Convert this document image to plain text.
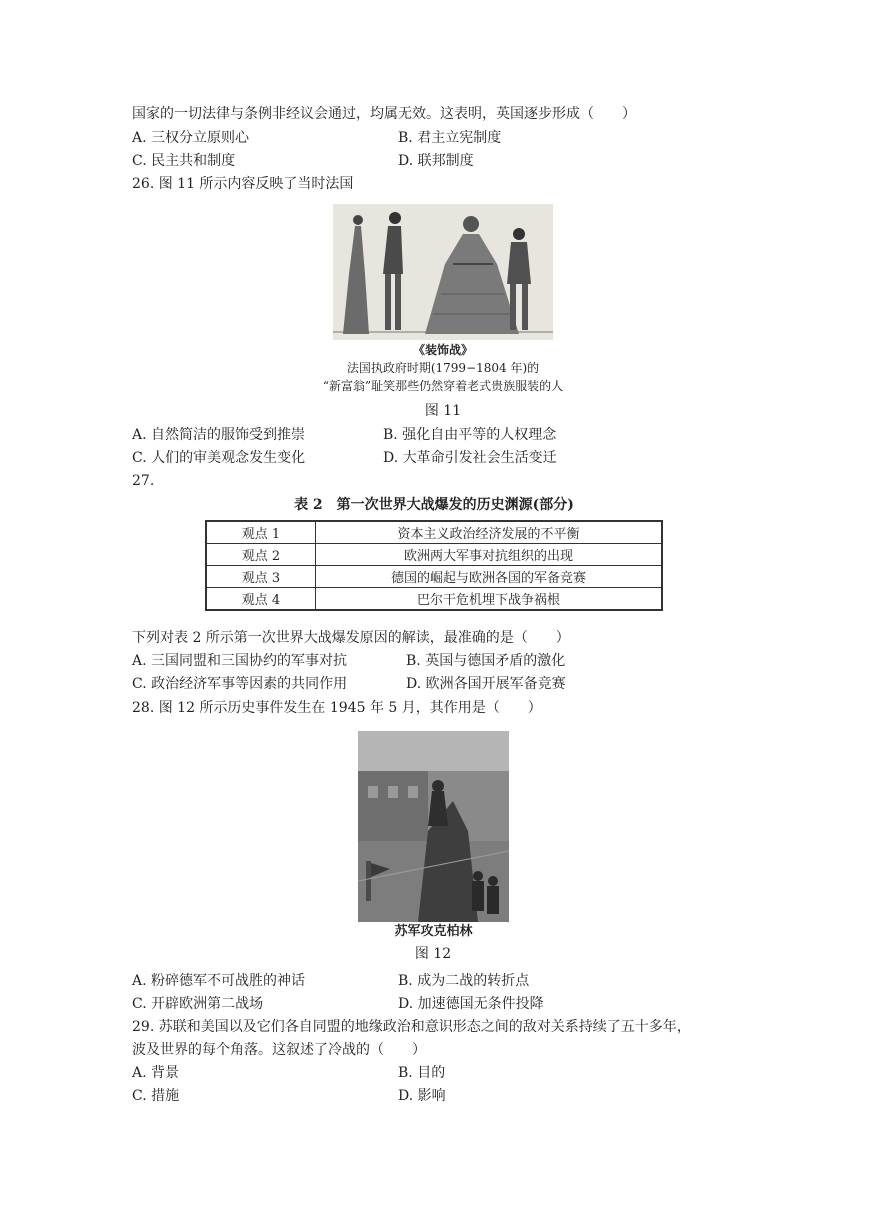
国家的一切法律与条例非经议会通过，均属无效。这表明，英国逐步形成（　　）
A. 三权分立原则心	B. 君主立宪制度
C. 民主共和制度	D. 联邦制度
26. 图 11 所示内容反映了当时法国
《装饰战》
法国执政府时期(1799−1804 年)的
“新富翁”耻笑那些仍然穿着老式贵族服装的人
图 11
A. 自然简洁的服饰受到推崇	B. 强化自由平等的人权理念
C. 人们的审美观念发生变化	D. 大革命引发社会生活变迁
27.
表 2　第一次世界大战爆发的历史渊源(部分)
观点 1	资本主义政治经济发展的不平衡
观点 2	欧洲两大军事对抗组织的出现
观点 3	德国的崛起与欧洲各国的军备竞赛
观点 4	巴尔干危机埋下战争祸根
下列对表 2 所示第一次世界大战爆发原因的解读，最准确的是（　　）
A. 三国同盟和三国协约的军事对抗	B. 英国与德国矛盾的激化
C. 政治经济军事等因素的共同作用	D. 欧洲各国开展军备竞赛
28. 图 12 所示历史事件发生在 1945 年 5 月，其作用是（　　）
苏军攻克柏林
图 12
A. 粉碎德军不可战胜的神话	B. 成为二战的转折点
C. 开辟欧洲第二战场	D. 加速德国无条件投降
29. 苏联和美国以及它们各自同盟的地缘政治和意识形态之间的敌对关系持续了五十多年，
波及世界的每个角落。这叙述了冷战的（　　）
A. 背景	B. 目的
C. 措施	D. 影响
